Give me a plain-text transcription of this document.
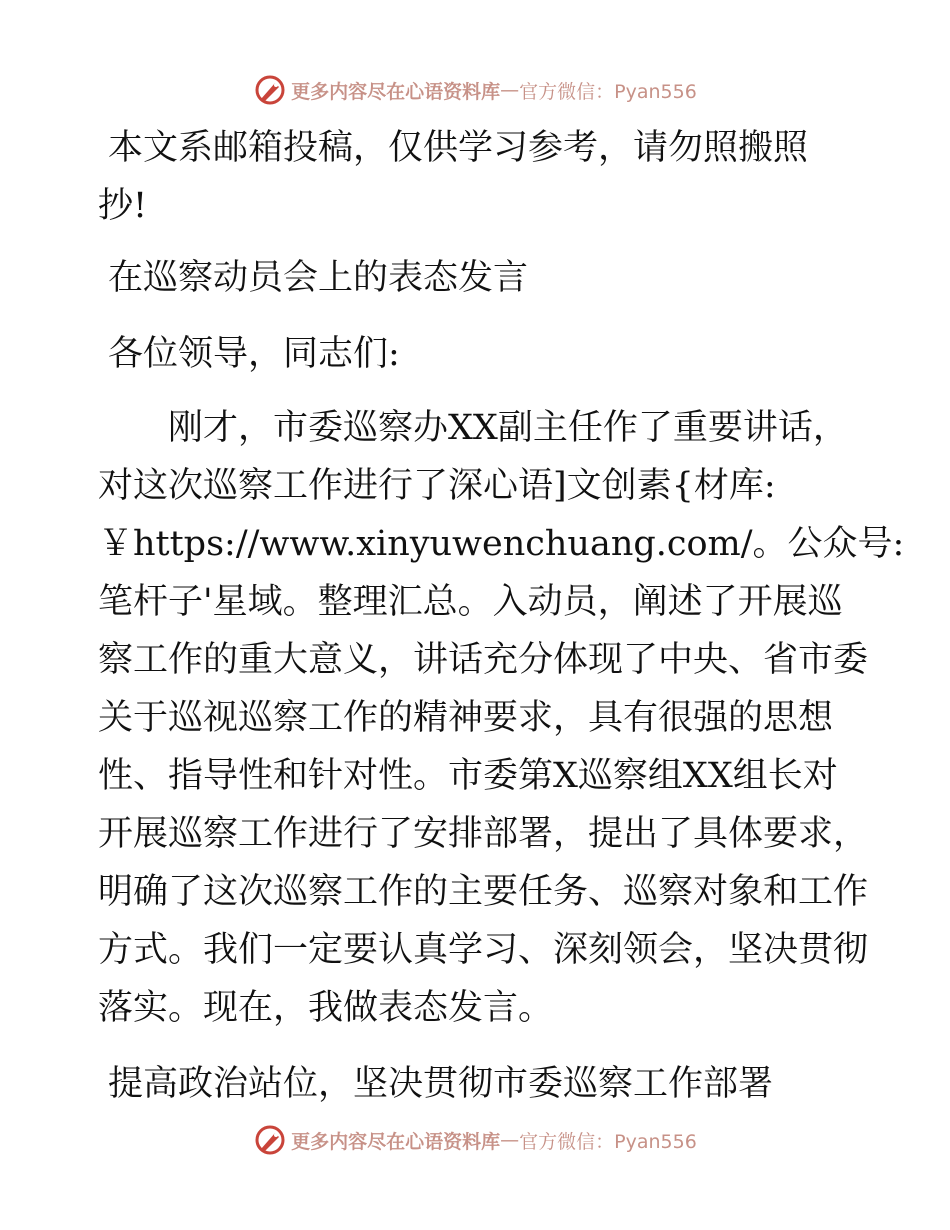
更多内容尽在心语资料库 — 官方微信：Pyan556
本文系邮箱投稿，仅供学习参考，请勿照搬照
抄!
在巡察动员会上的表态发言
各位领导，同志们:
　　刚才，市委巡察办XX副主任作了重要讲话，
对这次巡察工作进行了深心语]文创素{材库:
￥https://www.xinyuwenchuang.com/。公众号:
笔杆子'星域。整理汇总。入动员，阐述了开展巡
察工作的重大意义，讲话充分体现了中央、省市委
关于巡视巡察工作的精神要求，具有很强的思想
性、指导性和针对性。市委第X巡察组XX组长对
开展巡察工作进行了安排部署，提出了具体要求，
明确了这次巡察工作的主要任务、巡察对象和工作
方式。我们一定要认真学习、深刻领会，坚决贯彻
落实。现在，我做表态发言。
提高政治站位，坚决贯彻市委巡察工作部署
更多内容尽在心语资料库 — 官方微信：Pyan556
